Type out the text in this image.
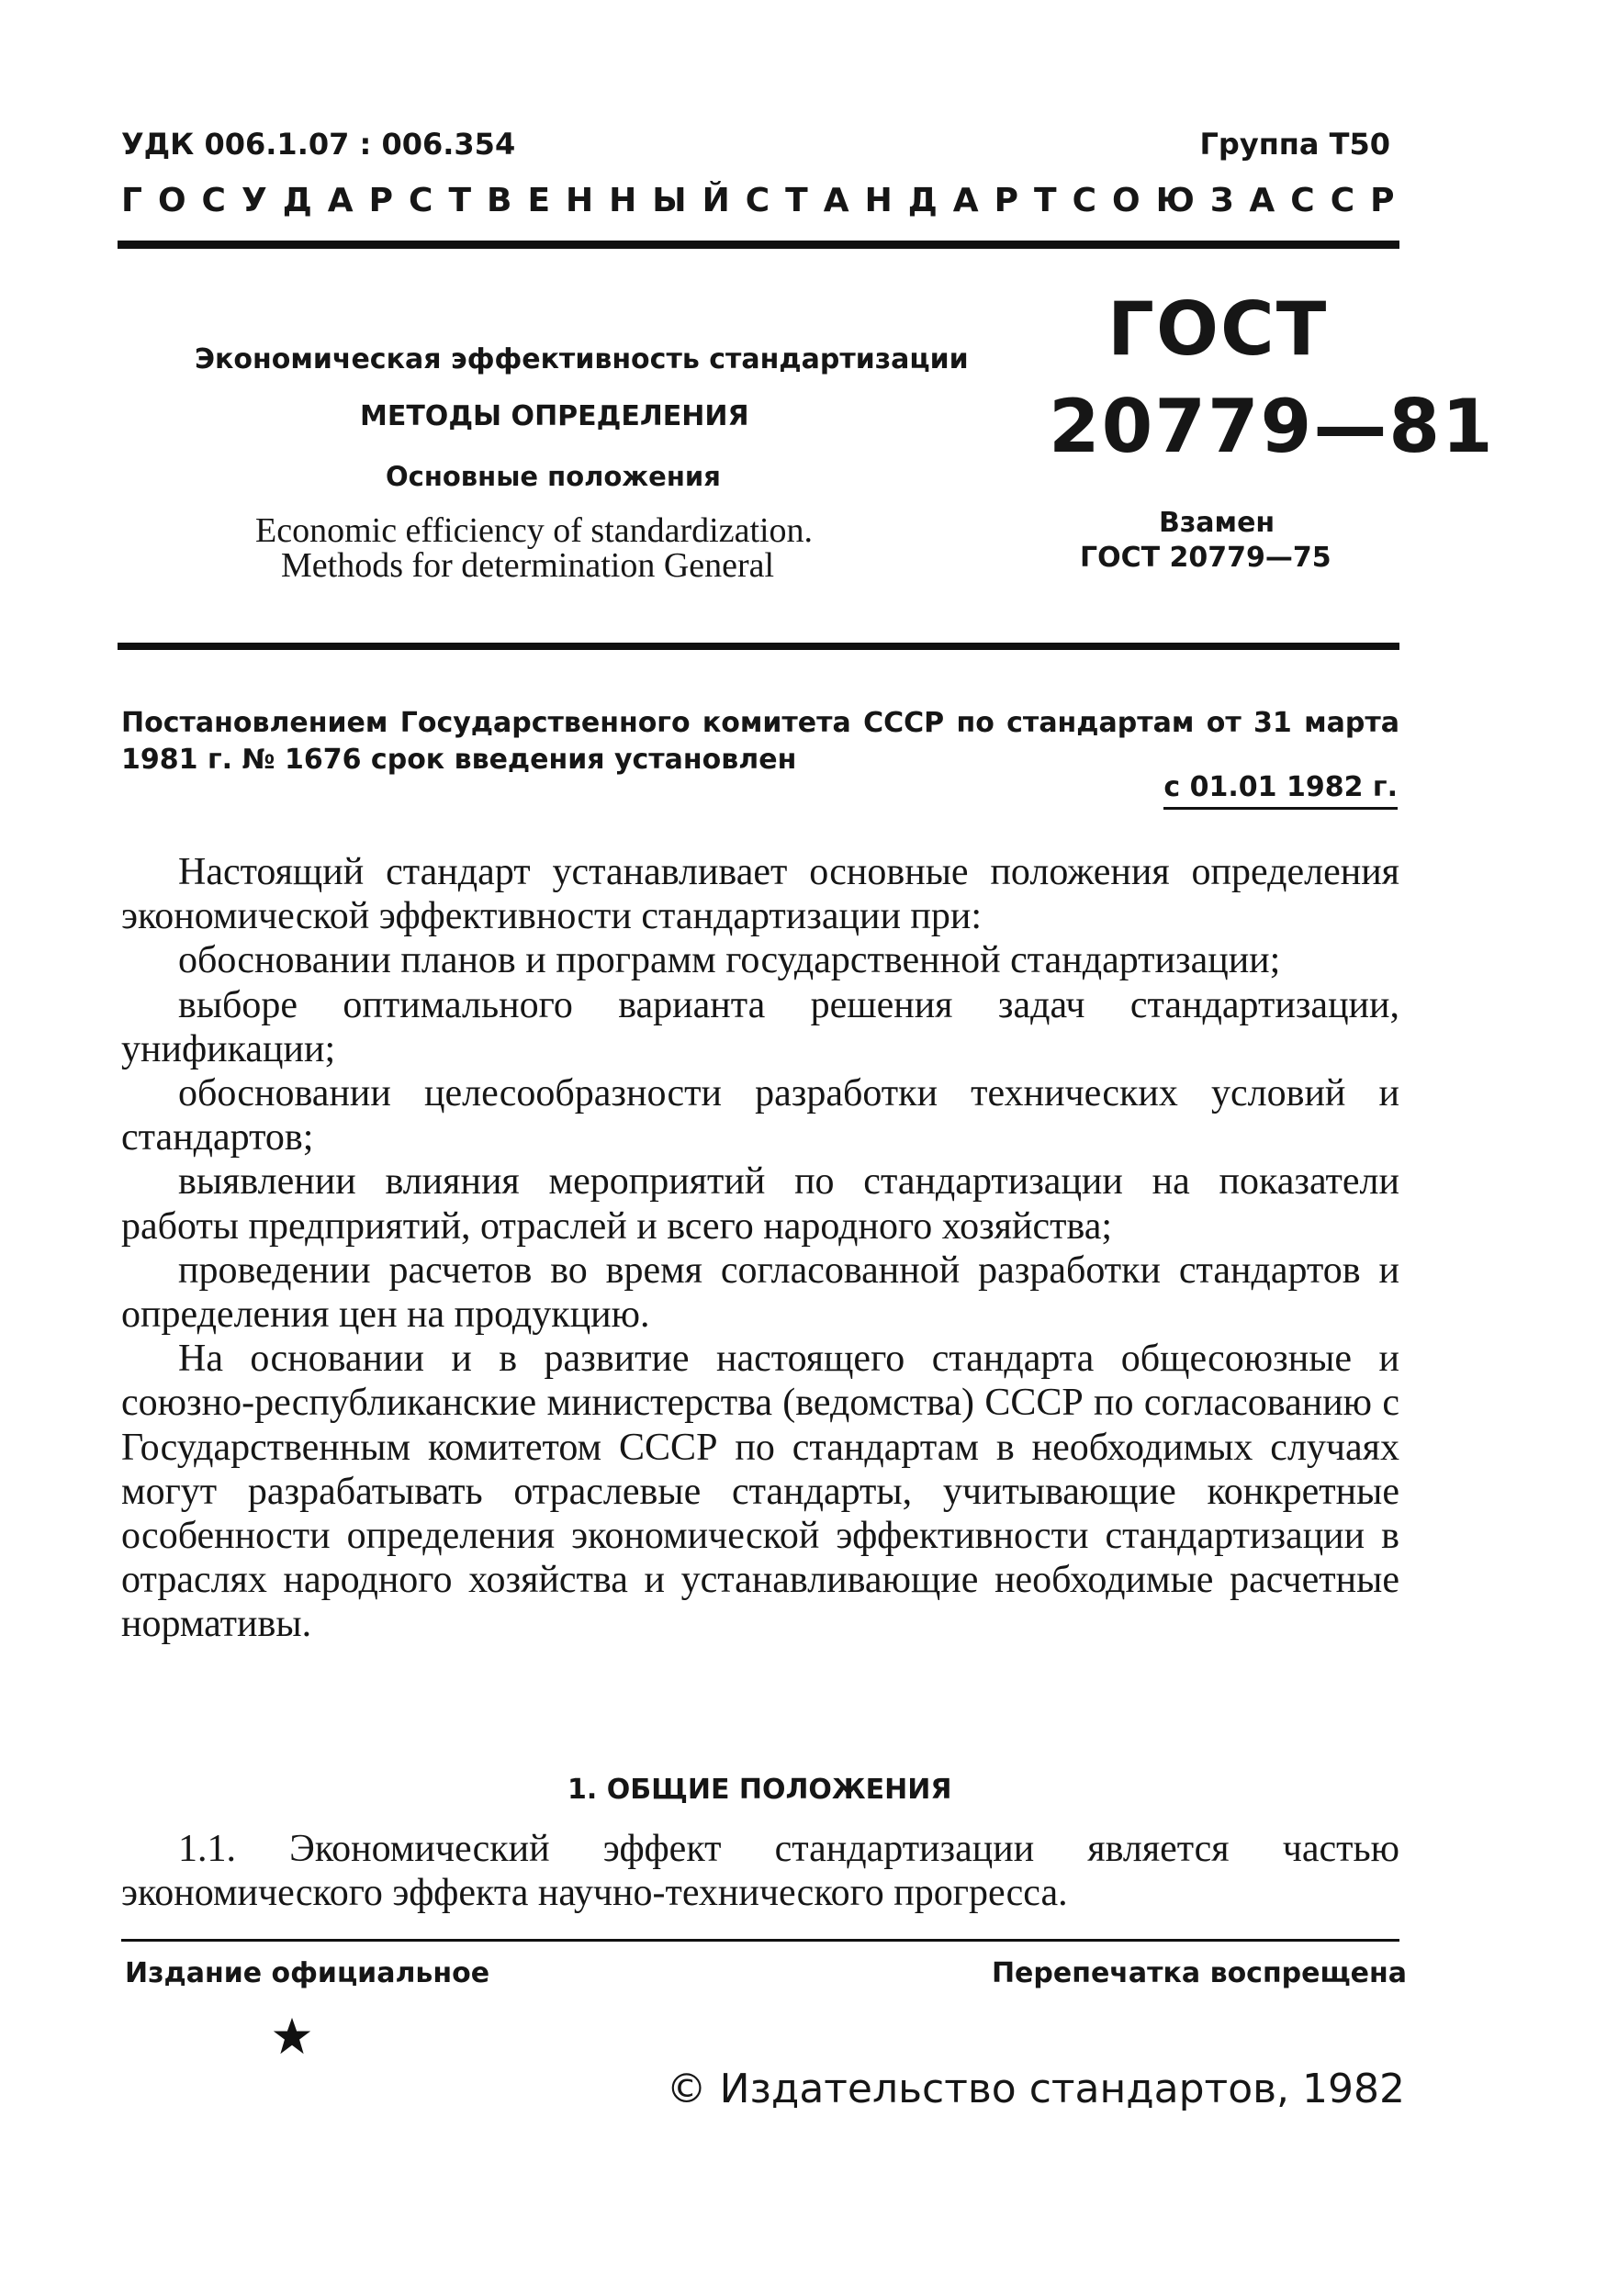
УДК 006.1.07 : 006.354	Группа Т50
ГОСУДАРСТВЕННЫЙ СТАНДАРТ СОЮЗА ССР
Экономическая эффективность стандартизации
МЕТОДЫ ОПРЕДЕЛЕНИЯ
Основные положения
Economic efficiency of standardization.
Methods for determination General
ГОСТ
20779—81
Взамен
ГОСТ 20779—75
Постановлением Государственного комитета СССР по стандартам от 31 марта
1981 г. № 1676 срок введения установлен
с 01.01 1982 г.
Настоящий стандарт устанавливает основные положения определения экономической эффективности стандартизации при:
обосновании планов и программ государственной стандартизации;
выборе оптимального варианта решения задач стандартизации, унификации;
обосновании целесообразности разработки технических условий и стандартов;
выявлении влияния мероприятий по стандартизации на показатели работы предприятий, отраслей и всего народного хозяйства;
проведении расчетов во время согласованной разработки стандартов и определения цен на продукцию.
На основании и в развитие настоящего стандарта общесоюзные и союзно-республиканские министерства (ведомства) СССР по согласованию с Государственным комитетом СССР по стандартам в необходимых случаях могут разрабатывать отраслевые стандарты, учитывающие конкретные особенности определения экономической эффективности стандартизации в отраслях народного хозяйства и устанавливающие необходимые расчетные нормативы.
1. ОБЩИЕ ПОЛОЖЕНИЯ
1.1. Экономический эффект стандартизации является частью экономического эффекта научно-технического прогресса.
Издание официальное	Перепечатка воспрещена
© Издательство стандартов, 1982
